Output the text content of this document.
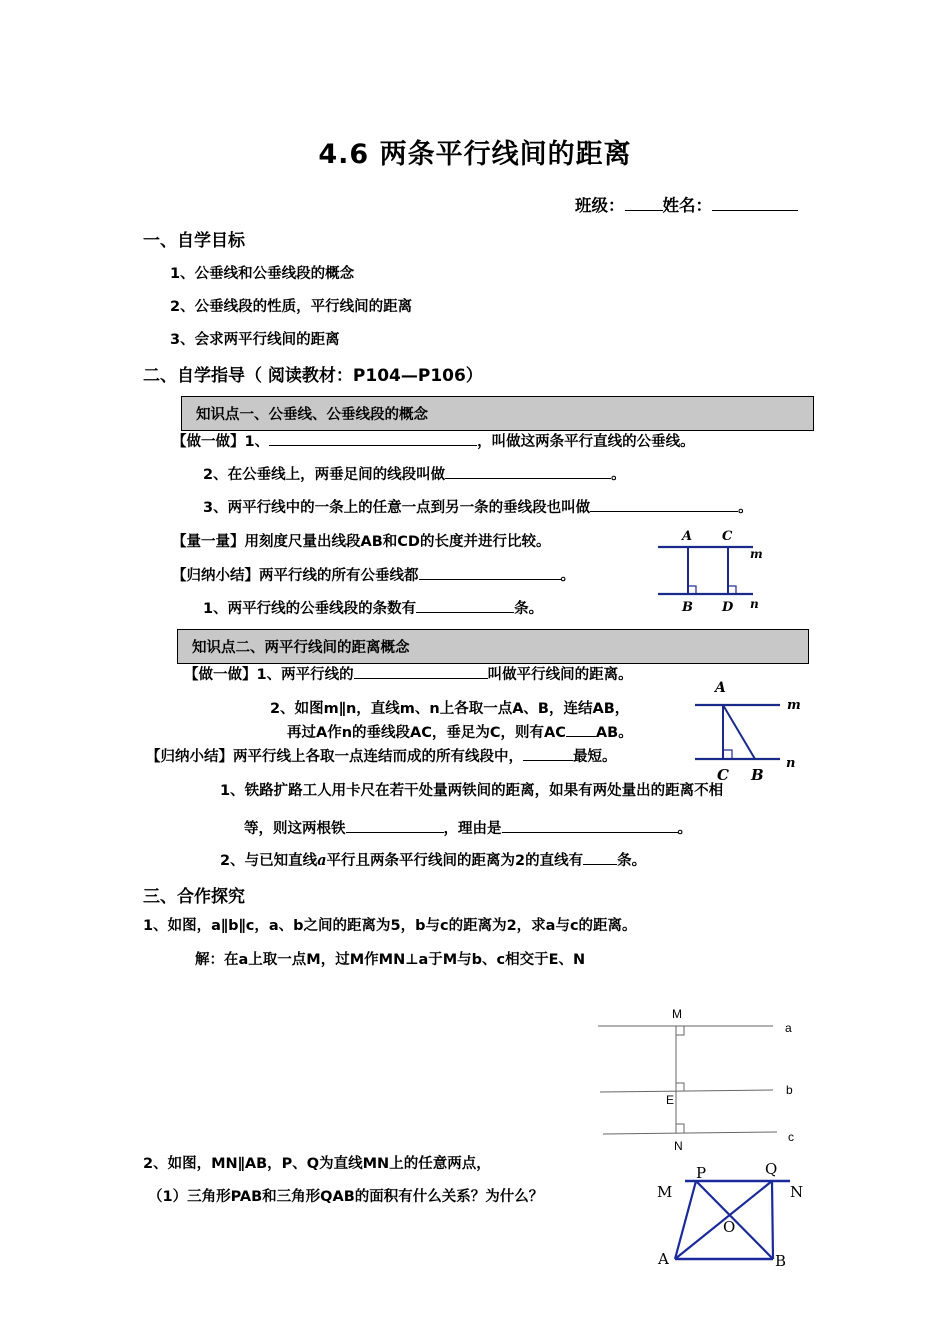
4.6 两条平行线间的距离
班级： 姓名：
一、自学目标
1、公垂线和公垂线段的概念
2、公垂线段的性质，平行线间的距离
3、会求两平行线间的距离
二、自学指导（ 阅读教材：P104—P106）
知识点一、公垂线、公垂线段的概念
【做一做】1、	，叫做这两条平行直线的公垂线。
2、在公垂线上，两垂足间的线段叫做	。
3、两平行线中的一条上的任意一点到另一条的垂线段也叫做	。
【量一量】用刻度尺量出线段AB和CD的长度并进行比较。
【归纳小结】两平行线的所有公垂线都	。
1、两平行线的公垂线段的条数有	条。
A C
m
B D n
知识点二、两平行线间的距离概念
【做一做】1、两平行线的	叫做平行线间的距离。
2、如图m∥n，直线m、n上各取一点A、B，连结AB，
再过A作n的垂线段AC，垂足为C，则有AC AB。
【归纳小结】两平行线上各取一点连结而成的所有线段中，	最短。
A
m
n
C B
1、铁路扩路工人用卡尺在若干处量两铁间的距离，如果有两处量出的距离不相
等，则这两根铁	，理由是	。
2、与已知直线a平行且两条平行线间的距离为2的直线有 条。
三、合作探究
1、如图，a∥b∥c，a、b之间的距离为5，b与c的距离为2，求a与c的距离。
解：在a上取一点M，过M作MN⊥a于M与b、c相交于E、N
M
E
N
a
b
c
2、如图，MN∥AB，P、Q为直线MN上的任意两点，
（1）三角形PAB和三角形QAB的面积有什么关系？为什么？
P	Q
M	N
O
A	B
